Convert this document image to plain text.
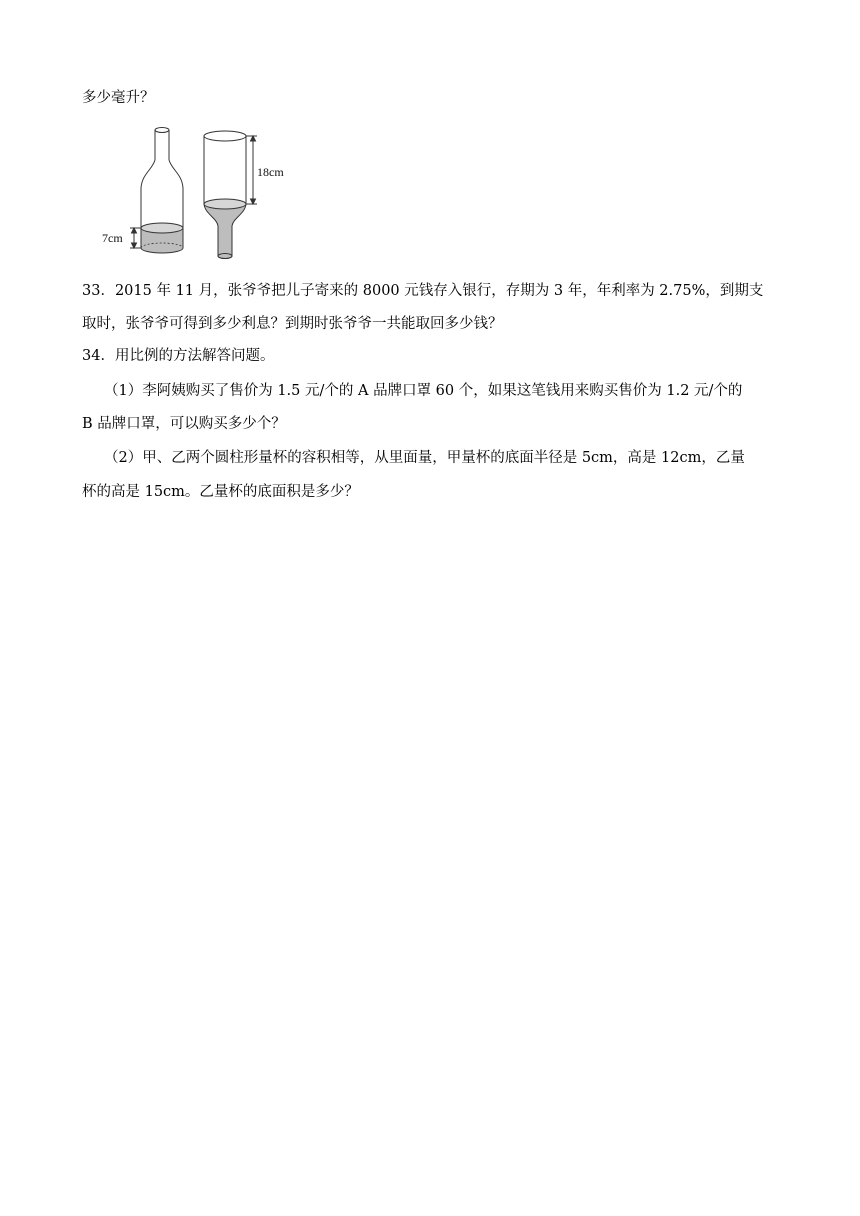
多少毫升？
7cm
18cm
33．2015 年 11 月，张爷爷把儿子寄来的 8000 元钱存入银行，存期为 3 年，年利率为 2.75%，到期支
取时，张爷爷可得到多少利息？到期时张爷爷一共能取回多少钱？
34．用比例的方法解答问题。
（1）李阿姨购买了售价为 1.5 元/个的 A 品牌口罩 60 个，如果这笔钱用来购买售价为 1.2 元/个的
B 品牌口罩，可以购买多少个？
（2）甲、乙两个圆柱形量杯的容积相等，从里面量，甲量杯的底面半径是 5cm，高是 12cm，乙量
杯的高是 15cm。乙量杯的底面积是多少？
